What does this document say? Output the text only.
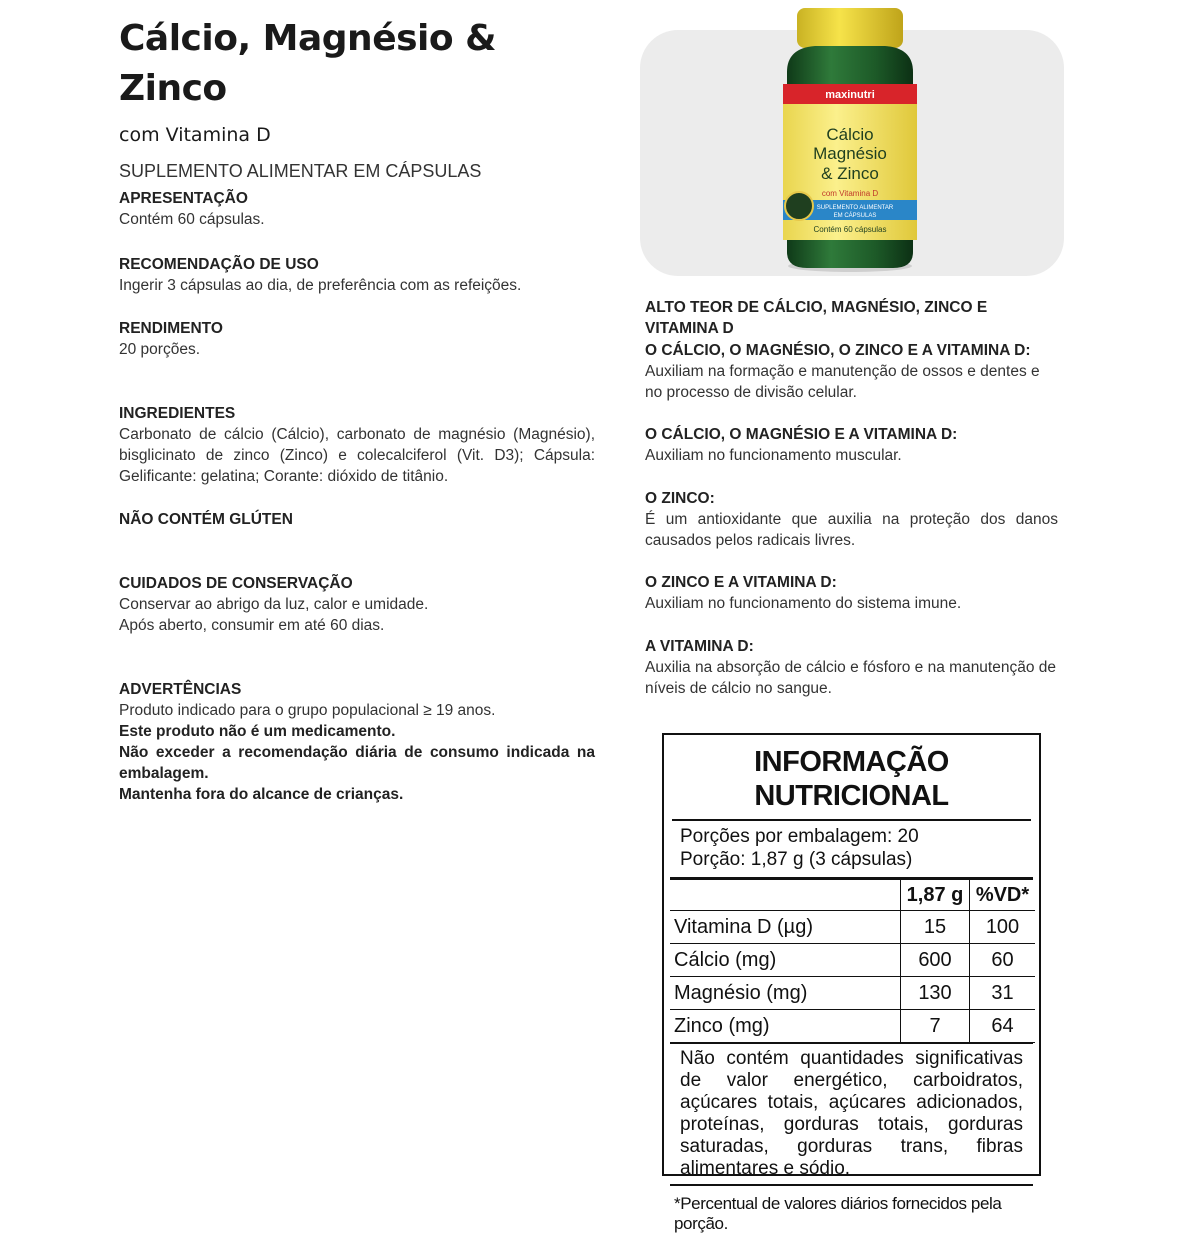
Cálcio, Magnésio & Zinco
com Vitamina D
SUPLEMENTO ALIMENTAR EM CÁPSULAS
APRESENTAÇÃO
Contém 60 cápsulas.
RECOMENDAÇÃO DE USO
Ingerir 3 cápsulas ao dia, de preferência com as refeições.
RENDIMENTO
20 porções.
INGREDIENTES
Carbonato de cálcio (Cálcio), carbonato de magnésio (Magnésio), bisglicinato de zinco (Zinco) e colecalciferol (Vit. D3); Cápsula: Gelificante: gelatina; Corante: dióxido de titânio.
NÃO CONTÉM GLÚTEN
CUIDADOS DE CONSERVAÇÃO
Conservar ao abrigo da luz, calor e umidade.
Após aberto, consumir em até 60 dias.
ADVERTÊNCIAS
Produto indicado para o grupo populacional ≥ 19 anos.
Este produto não é um medicamento.
Não exceder a recomendação diária de consumo indicada na embalagem.
Mantenha fora do alcance de crianças.
maxinutri
Cálcio
Magnésio
& Zinco
com Vitamina D
SUPLEMENTO ALIMENTAR
EM CÁPSULAS
Contém 60 cápsulas
ALTO TEOR DE CÁLCIO, MAGNÉSIO, ZINCO E VITAMINA D
O CÁLCIO, O MAGNÉSIO, O ZINCO E A VITAMINA D:
Auxiliam na formação e manutenção de ossos e dentes e no processo de divisão celular.
O CÁLCIO, O MAGNÉSIO E A VITAMINA D:
Auxiliam no funcionamento muscular.
O ZINCO:
É um antioxidante que auxilia na proteção dos danos causados pelos radicais livres.
O ZINCO E A VITAMINA D:
Auxiliam no funcionamento do sistema imune.
A VITAMINA D:
Auxilia na absorção de cálcio e fósforo e na manutenção de níveis de cálcio no sangue.
INFORMAÇÃO NUTRICIONAL
Porções por embalagem: 20
Porção: 1,87 g (3 cápsulas)
	1,87 g	%VD*
Vitamina D (µg)	15	100
Cálcio (mg)	600	60
Magnésio (mg)	130	31
Zinco (mg)	7	64
Não contém quantidades significativas de valor energético, carboidratos, açúcares totais, açúcares adicionados, proteínas, gorduras totais, gorduras saturadas, gorduras trans, fibras alimentares e sódio.
*Percentual de valores diários fornecidos pela porção.
